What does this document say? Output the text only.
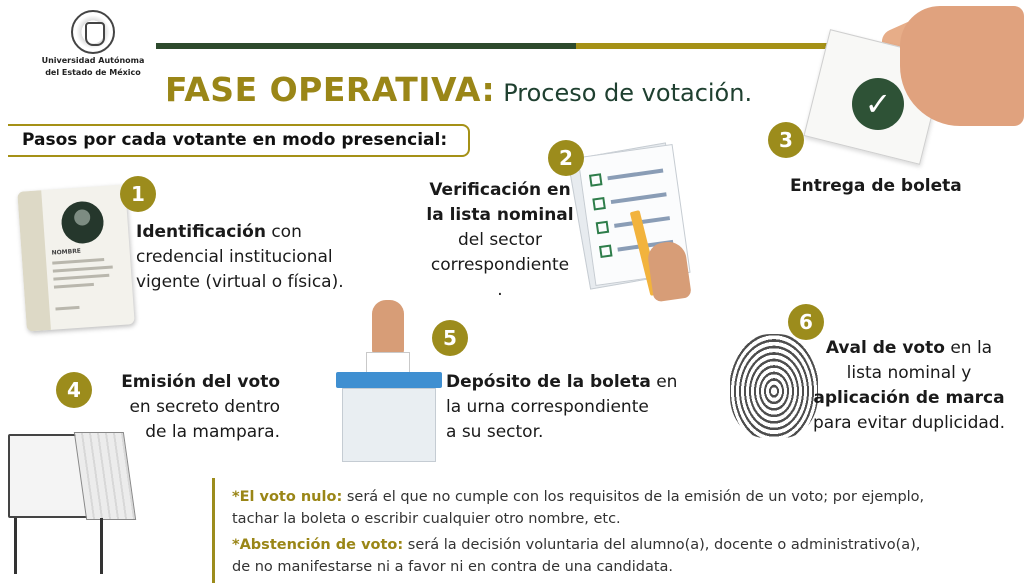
Universidad Autónoma
del Estado de México FASE OPERATIVA: Proceso de votación.
Pasos por cada votante en modo presencial:
NOMBRE
1
Identificación con
credencial institucional
vigente (virtual o física).
2
Verificación en
la lista nominal
del sector
correspondiente
.
✓
3
Entrega de boleta
4	Emisión del voto
en secreto dentro
de la mampara.
5
Depósito de la boleta en
la urna correspondiente
a su sector.
6
Aval de voto en la
lista nominal y
aplicación de marca
para evitar duplicidad.
*El voto nulo: será el que no cumple con los requisitos de la emisión de un voto; por ejemplo,
tachar la boleta o escribir cualquier otro nombre, etc.
*Abstención de voto: será la decisión voluntaria del alumno(a), docente o administrativo(a),
de no manifestarse ni a favor ni en contra de una candidata.
